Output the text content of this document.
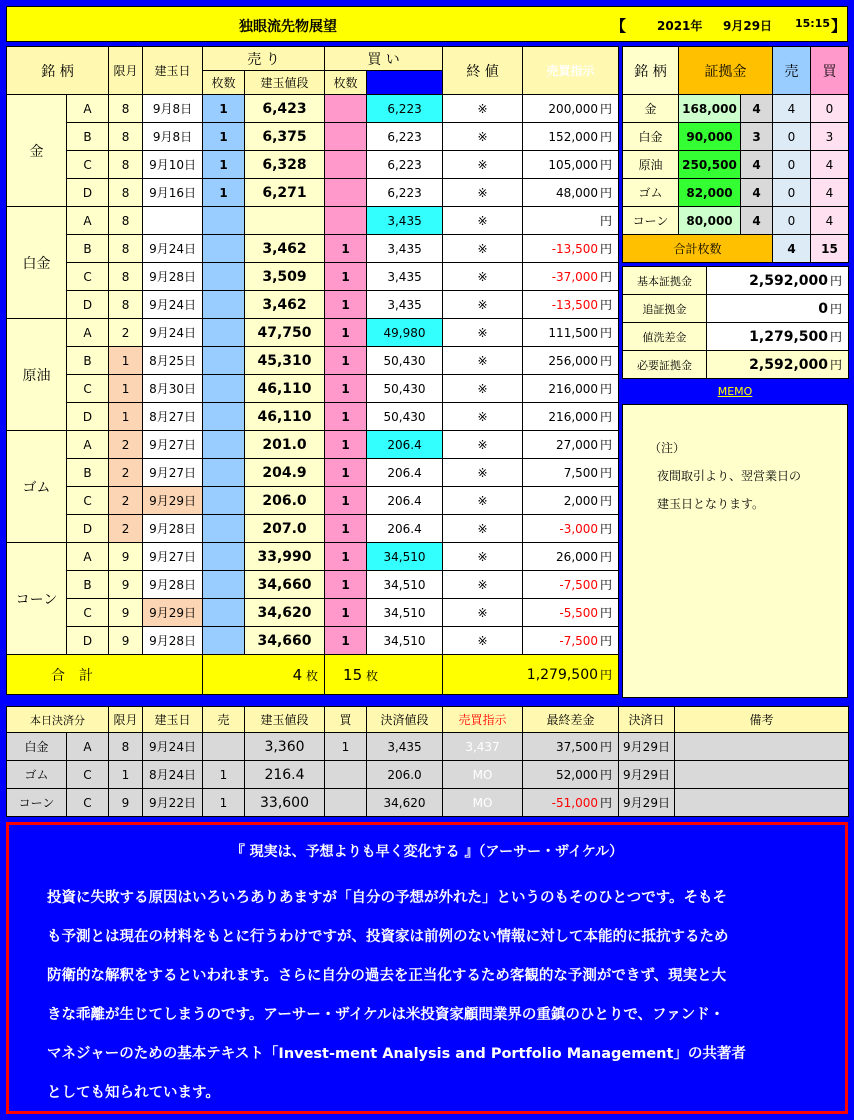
独眼流先物展望	【	2021年 9月29日 15:15 】
銘 柄		限月	建玉日	売 り		買 い		終 値	売買指示	
				枚数	建玉値段	枚数				
金	A	8	9月8日	1	6,423		6,223	※	200,000 円	
	B	8	9月8日	1	6,375		6,223	※	152,000 円	
	C	8	9月10日	1	6,328		6,223	※	105,000 円	
	D	8	9月16日	1	6,271		6,223	※	48,000 円	
白金	A	8					3,435	※	円	
	B	8	9月24日		3,462	1	3,435	※	-13,500 円	
	C	8	9月28日		3,509	1	3,435	※	-37,000 円	
	D	8	9月24日		3,462	1	3,435	※	-13,500 円	
原油	A	2	9月24日		47,750	1	49,980	※	111,500 円	
	B	1	8月25日		45,310	1	50,430	※	256,000 円	
	C	1	8月30日		46,110	1	50,430	※	216,000 円	
	D	1	8月27日		46,110	1	50,430	※	216,000 円	
ゴム	A	2	9月27日		201.0	1	206.4	※	27,000 円	
	B	2	9月27日		204.9	1	206.4	※	7,500 円	
	C	2	9月29日		206.0	1	206.4	※	2,000 円	
	D	2	9月28日		207.0	1	206.4	※	-3,000 円	
コーン	A	9	9月27日		33,990	1	34,510	※	26,000 円	
	B	9	9月28日		34,660	1	34,510	※	-7,500 円	
	C	9	9月29日		34,620	1	34,510	※	-5,500 円	
	D	9	9月28日		34,660	1	34,510	※	-7,500 円	
合　計				4 枚		15 枚		1,279,500 円		
銘 柄	証拠金		売	買
金	168,000	4	4	0
白金	90,000	3	0	3
原油	250,500	4	0	4
ゴム	82,000	4	0	4
コーン	80,000	4	0	4
合計枚数			4	15
基本証拠金	2,592,000 円
追証拠金	0 円
値洗差金	1,279,500 円
必要証拠金	2,592,000 円
MEMO
（注）
夜間取引より、翌営業日の
建玉日となります。
本日決済分		限月	建玉日	売	建玉値段	買	決済値段	売買指示	最終差金	決済日	備考
白金	A	8	9月24日		3,360	1	3,435	3,437	37,500 円	9月29日	
ゴム	C	1	8月24日	1	216.4		206.0	MO	52,000 円	9月29日	
コーン	C	9	9月22日	1	33,600		34,620	MO	-51,000 円	9月29日	
『 現実は、予想よりも早く変化する 』（アーサー・ザイケル）
投資に失敗する原因はいろいろありあますが「自分の予想が外れた」というのもそのひとつです。そもそ
も予測とは現在の材料をもとに行うわけですが、投資家は前例のない情報に対して本能的に抵抗するため
防衛的な解釈をするといわれます。さらに自分の過去を正当化するため客観的な予測ができず、現実と大
きな乖離が生じてしまうのです。アーサー・ザイケルは米投資家顧問業界の重鎮のひとりで、ファンド・
マネジャーのための基本テキスト「Invest-ment Analysis and Portfolio Management」の共著者
としても知られています。
